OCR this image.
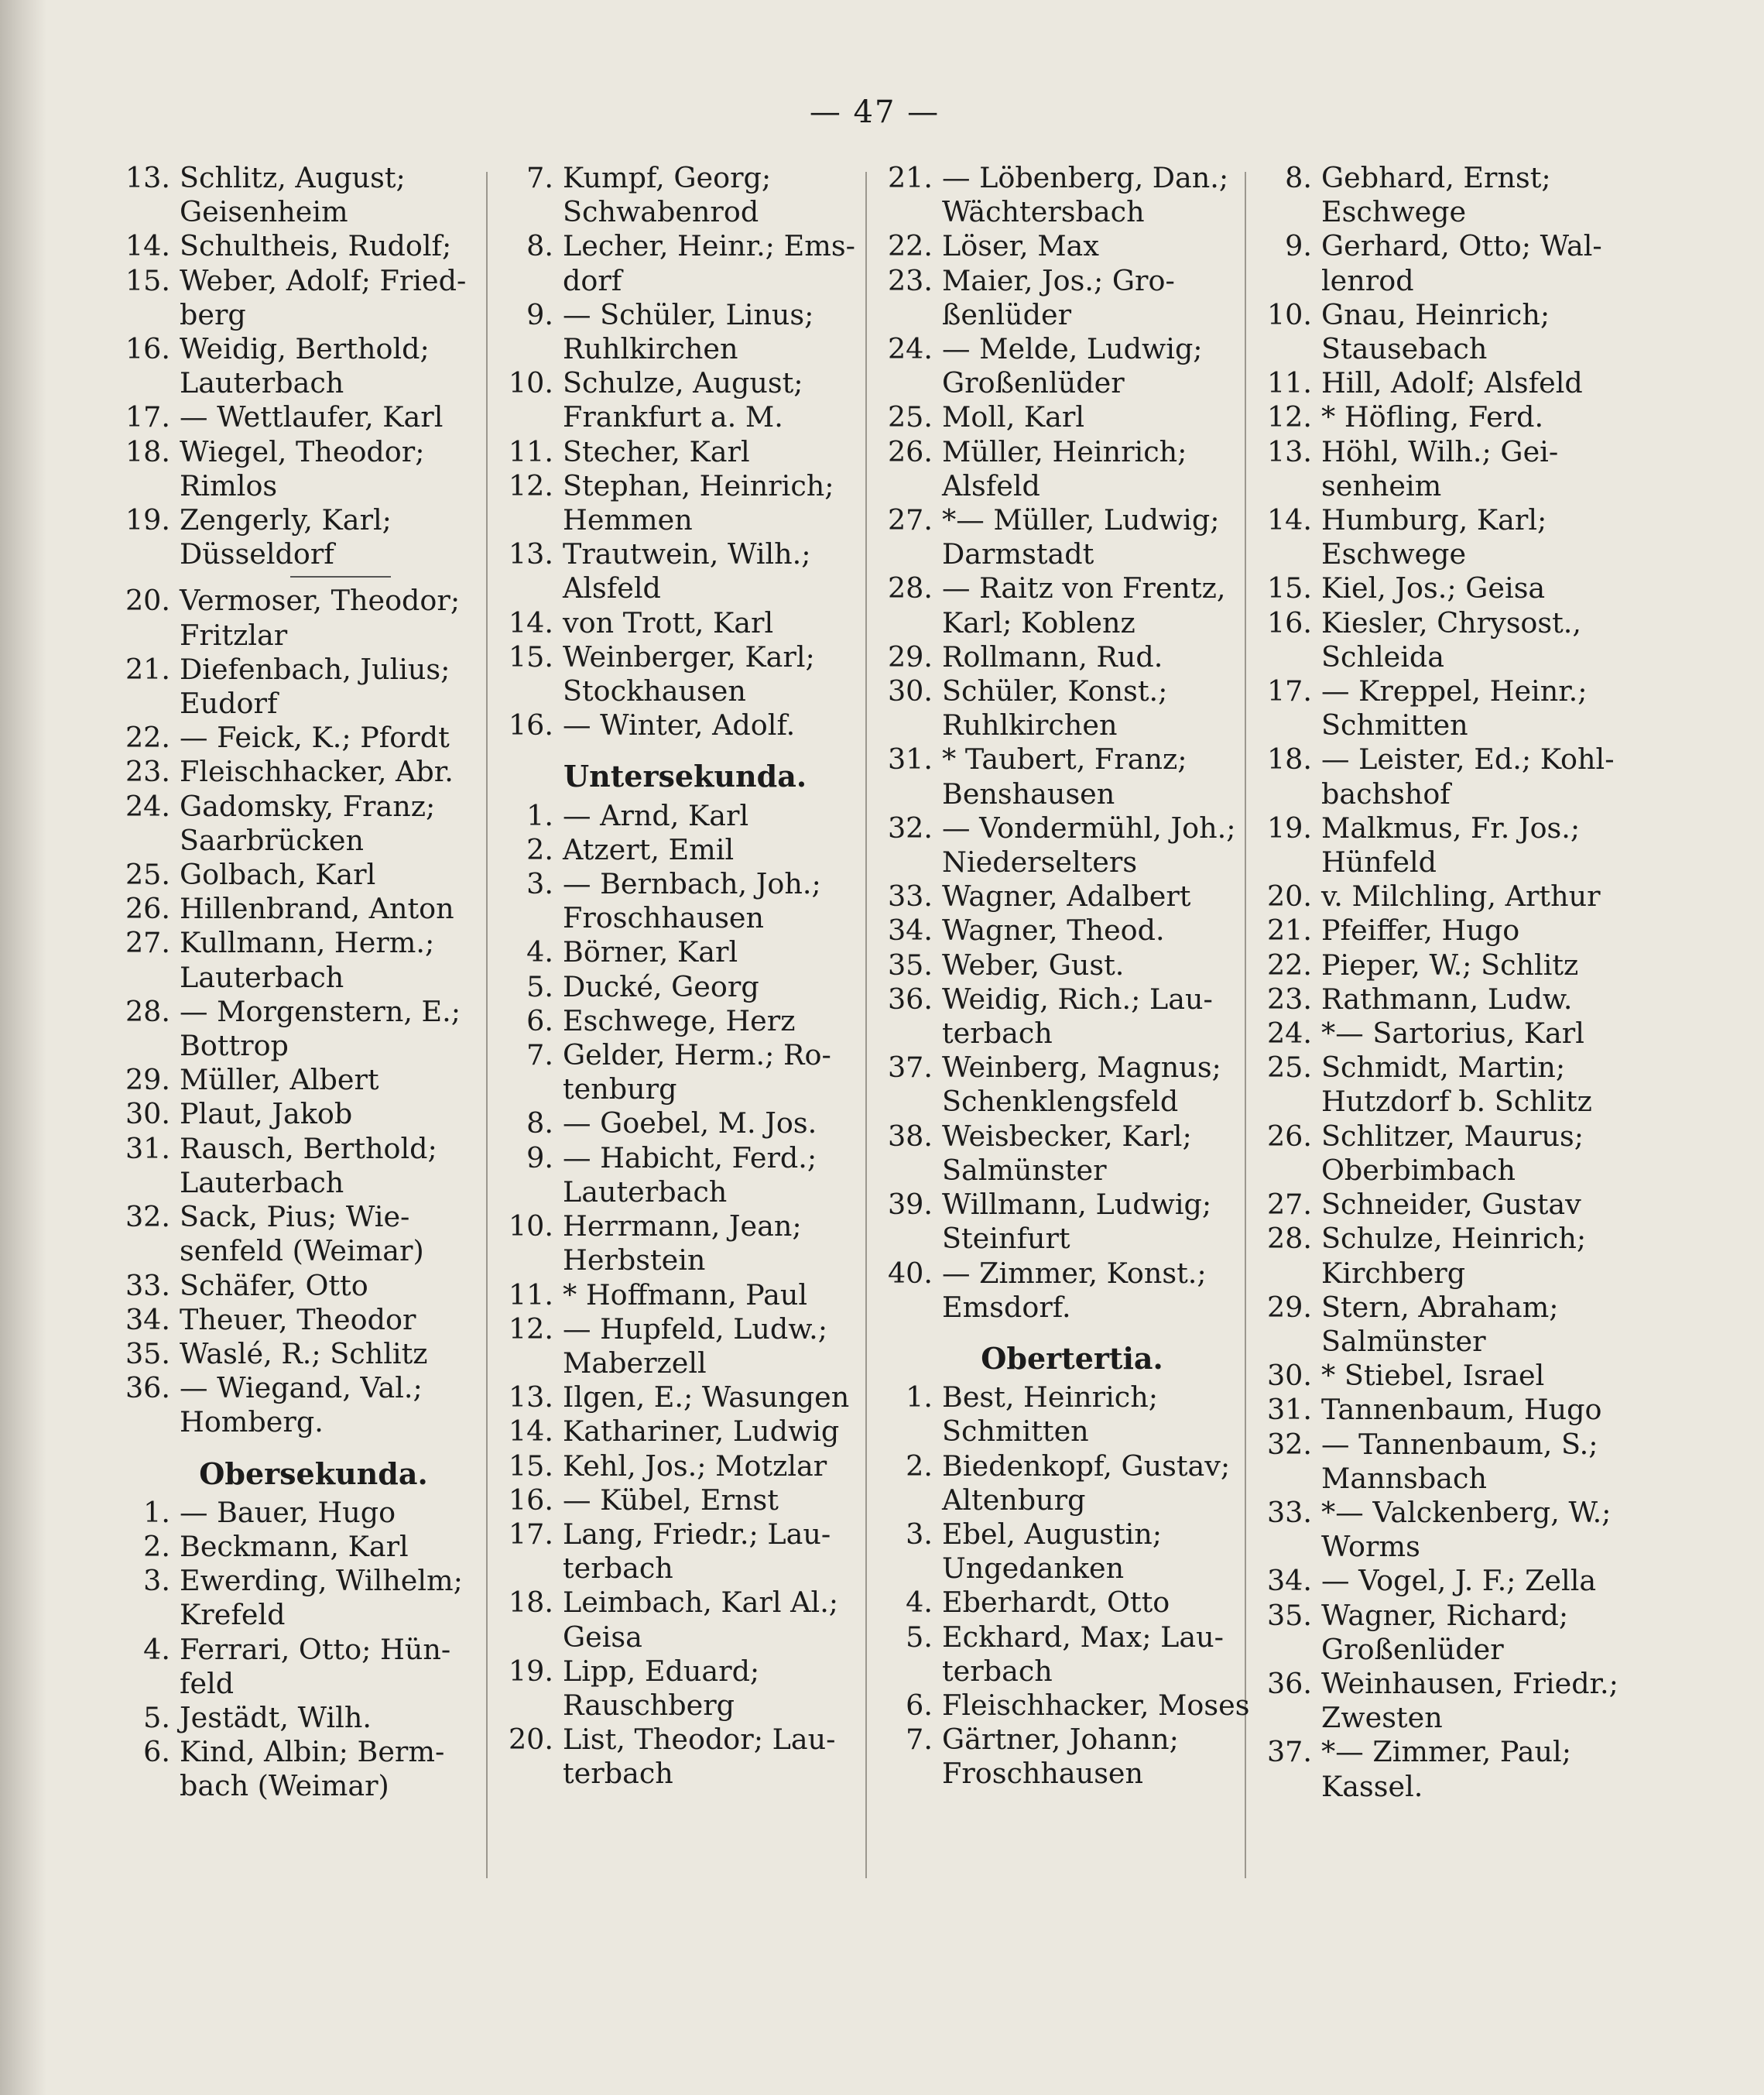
— 47 —
13. Schlitz, August;
Geisenheim
14. Schultheis, Rudolf;
15. Weber, Adolf; Fried-
berg
16. Weidig, Berthold;
Lauterbach
17. — Wettlaufer, Karl
18. Wiegel, Theodor;
Rimlos
19. Zengerly, Karl;
Düsseldorf
20. Vermoser, Theodor;
Fritzlar
21. Diefenbach, Julius;
Eudorf
22. — Feick, K.; Pfordt
23. Fleischhacker, Abr.
24. Gadomsky, Franz;
Saarbrücken
25. Golbach, Karl
26. Hillenbrand, Anton
27. Kullmann, Herm.;
Lauterbach
28. — Morgenstern, E.;
Bottrop
29. Müller, Albert
30. Plaut, Jakob
31. Rausch, Berthold;
Lauterbach
32. Sack, Pius; Wie-
senfeld (Weimar)
33. Schäfer, Otto
34. Theuer, Theodor
35. Waslé, R.; Schlitz
36. — Wiegand, Val.;
Homberg.
Obersekunda.
1. — Bauer, Hugo
2. Beckmann, Karl
3. Ewerding, Wilhelm;
Krefeld
4. Ferrari, Otto; Hün-
feld
5. Jestädt, Wilh.
6. Kind, Albin; Berm-
bach (Weimar)
7. Kumpf, Georg;
Schwabenrod
8. Lecher, Heinr.; Ems-
dorf
9. — Schüler, Linus;
Ruhlkirchen
10. Schulze, August;
Frankfurt a. M.
11. Stecher, Karl
12. Stephan, Heinrich;
Hemmen
13. Trautwein, Wilh.;
Alsfeld
14. von Trott, Karl
15. Weinberger, Karl;
Stockhausen
16. — Winter, Adolf.
Untersekunda.
1. — Arnd, Karl
2. Atzert, Emil
3. — Bernbach, Joh.;
Froschhausen
4. Börner, Karl
5. Ducké, Georg
6. Eschwege, Herz
7. Gelder, Herm.; Ro-
tenburg
8. — Goebel, M. Jos.
9. — Habicht, Ferd.;
Lauterbach
10. Herrmann, Jean;
Herbstein
11. * Hoffmann, Paul
12. — Hupfeld, Ludw.;
Maberzell
13. Ilgen, E.; Wasungen
14. Kathariner, Ludwig
15. Kehl, Jos.; Motzlar
16. — Kübel, Ernst
17. Lang, Friedr.; Lau-
terbach
18. Leimbach, Karl Al.;
Geisa
19. Lipp, Eduard;
Rauschberg
20. List, Theodor; Lau-
terbach
21. — Löbenberg, Dan.;
Wächtersbach
22. Löser, Max
23. Maier, Jos.; Gro-
ßenlüder
24. — Melde, Ludwig;
Großenlüder
25. Moll, Karl
26. Müller, Heinrich;
Alsfeld
27. *— Müller, Ludwig;
Darmstadt
28. — Raitz von Frentz,
Karl; Koblenz
29. Rollmann, Rud.
30. Schüler, Konst.;
Ruhlkirchen
31. * Taubert, Franz;
Benshausen
32. — Vondermühl, Joh.;
Niederselters
33. Wagner, Adalbert
34. Wagner, Theod.
35. Weber, Gust.
36. Weidig, Rich.; Lau-
terbach
37. Weinberg, Magnus;
Schenklengsfeld
38. Weisbecker, Karl;
Salmünster
39. Willmann, Ludwig;
Steinfurt
40. — Zimmer, Konst.;
Emsdorf.
Obertertia.
1. Best, Heinrich;
Schmitten
2. Biedenkopf, Gustav;
Altenburg
3. Ebel, Augustin;
Ungedanken
4. Eberhardt, Otto
5. Eckhard, Max; Lau-
terbach
6. Fleischhacker, Moses
7. Gärtner, Johann;
Froschhausen
8. Gebhard, Ernst;
Eschwege
9. Gerhard, Otto; Wal-
lenrod
10. Gnau, Heinrich;
Stausebach
11. Hill, Adolf; Alsfeld
12. * Höfling, Ferd.
13. Höhl, Wilh.; Gei-
senheim
14. Humburg, Karl;
Eschwege
15. Kiel, Jos.; Geisa
16. Kiesler, Chrysost.,
Schleida
17. — Kreppel, Heinr.;
Schmitten
18. — Leister, Ed.; Kohl-
bachshof
19. Malkmus, Fr. Jos.;
Hünfeld
20. v. Milchling, Arthur
21. Pfeiffer, Hugo
22. Pieper, W.; Schlitz
23. Rathmann, Ludw.
24. *— Sartorius, Karl
25. Schmidt, Martin;
Hutzdorf b. Schlitz
26. Schlitzer, Maurus;
Oberbimbach
27. Schneider, Gustav
28. Schulze, Heinrich;
Kirchberg
29. Stern, Abraham;
Salmünster
30. * Stiebel, Israel
31. Tannenbaum, Hugo
32. — Tannenbaum, S.;
Mannsbach
33. *— Valckenberg, W.;
Worms
34. — Vogel, J. F.; Zella
35. Wagner, Richard;
Großenlüder
36. Weinhausen, Friedr.;
Zwesten
37. *— Zimmer, Paul;
Kassel.
